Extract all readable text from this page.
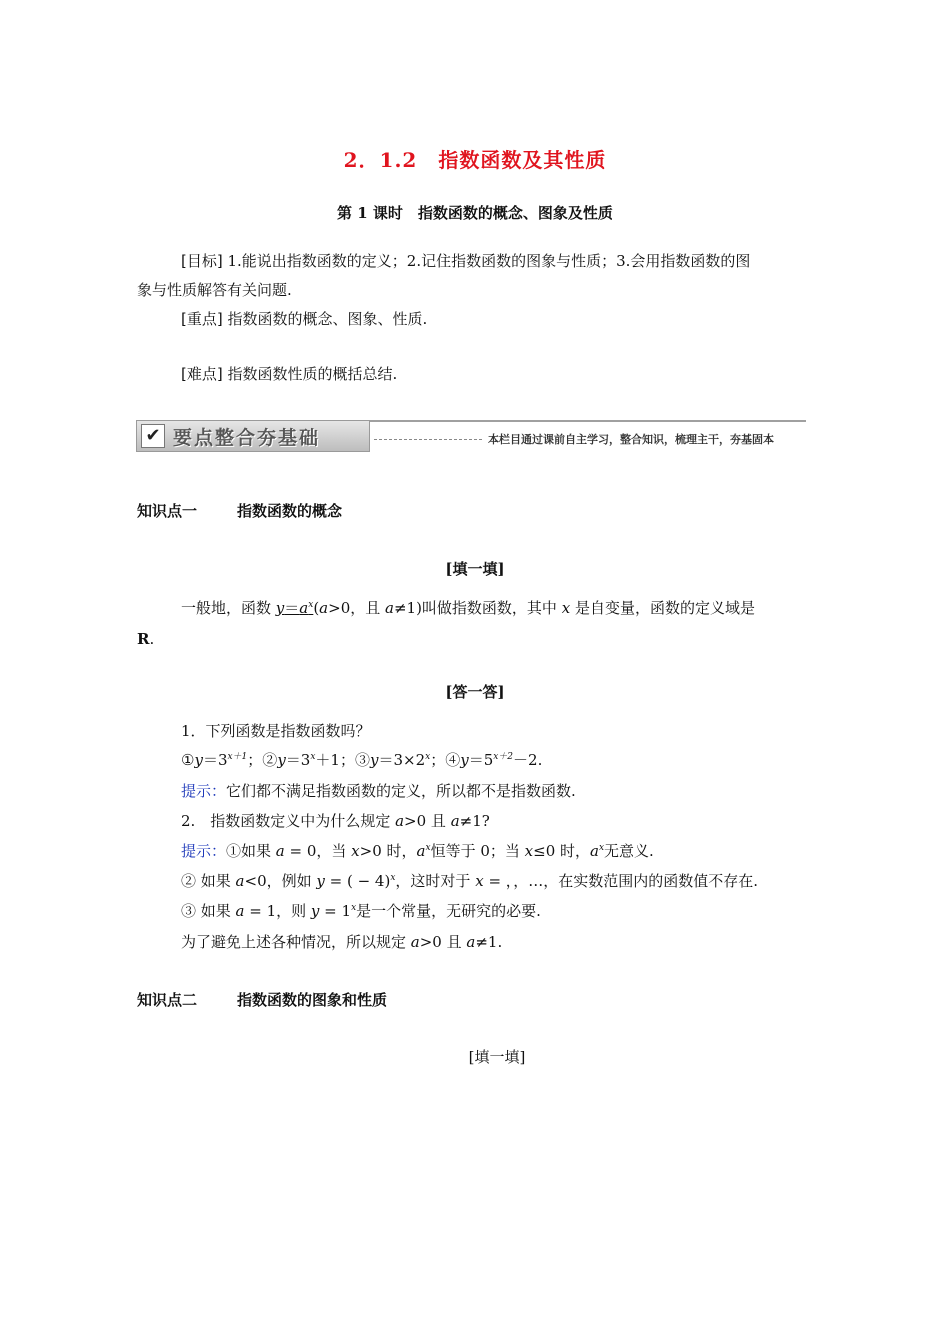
2．1.2　指数函数及其性质
第 1 课时　指数函数的概念、图象及性质
[目标] 1.能说出指数函数的定义；2.记住指数函数的图象与性质；3.会用指数函数的图
象与性质解答有关问题.
[重点] 指数函数的概念、图象、性质.
[难点] 指数函数性质的概括总结.
✔ 要点整合夯基础	本栏目通过课前自主学习，整合知识，梳理主干，夯基固本
知识点一	指数函数的概念
[填一填]
一般地，函数 $y=a^x(a>0$，且 a≠1)叫做指数函数，其中 x 是自变量，函数的定义域是
R.
[答一答]
1．下列函数是指数函数吗？
$①y=3^{x+1}$；$②y=3^x+1$；$③y=3\times 2^x$；$④y=5^{x+2}-2$.
提示：它们都不满足指数函数的定义，所以都不是指数函数.
2.　指数函数定义中为什么规定 a>0 且 a≠1?
提示：①如果 a = 0，当 x>0 时，$a^x$恒等于 0；当 x≤0 时，$a^x$无意义.
② 如果 a<0，例如 y = ( − 4)$^x$，这时对于 x = ，，…，在实数范围内的函数值不存在.
③ 如果 a = 1，则 $y = 1^x$是一个常量，无研究的必要.
为了避免上述各种情况，所以规定 a>0 且 a≠1.
知识点二	指数函数的图象和性质
[填一填]
